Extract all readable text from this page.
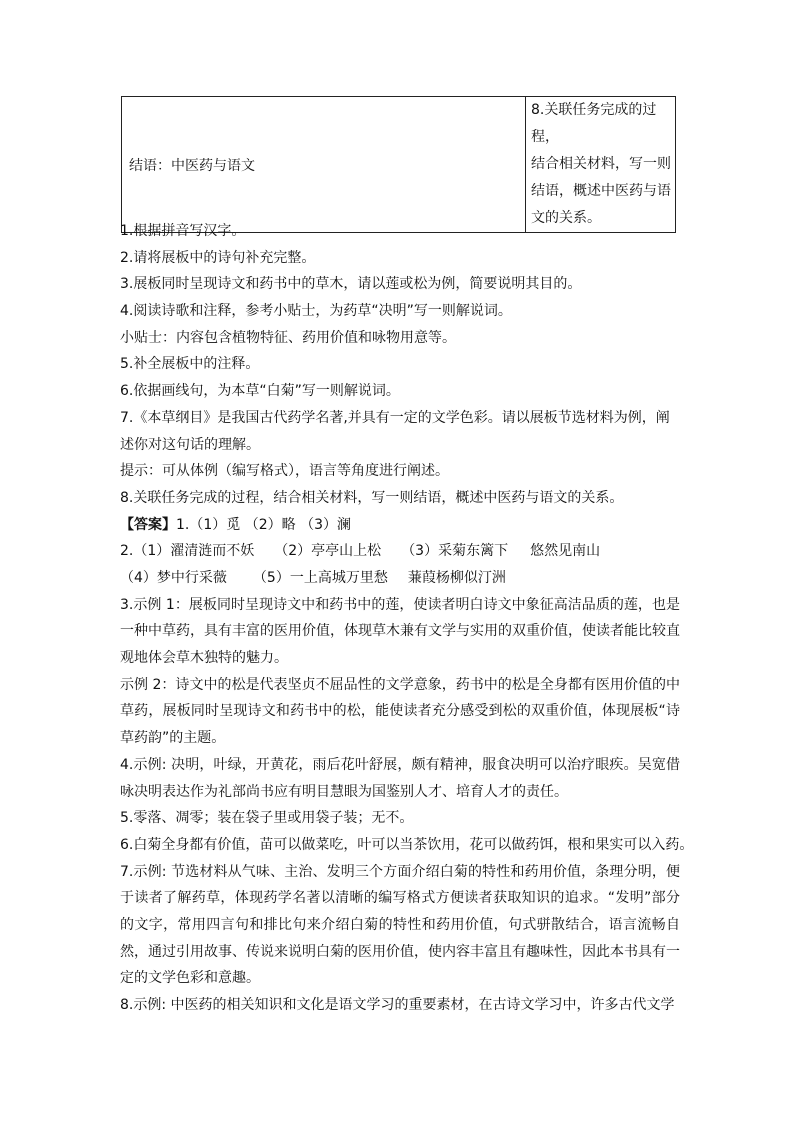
结语：中医药与语文	
8.关联任务完成的过程，
结合相关材料，写一则
结语，概述中医药与语
文的关系。
1.根据拼音写汉字。
2.请将展板中的诗句补充完整。
3.展板同时呈现诗文和药书中的草木，请以莲或松为例，简要说明其目的。
4.阅读诗歌和注释，参考小贴士，为药草“决明”写一则解说词。
小贴士：内容包含植物特征、药用价值和咏物用意等。
5.补全展板中的注释。
6.依据画线句，为本草“白菊”写一则解说词。
7.《本草纲目》是我国古代药学名著,并具有一定的文学色彩。请以展板节选材料为例，阐
述你对这句话的理解。
提示：可从体例（编写格式），语言等角度进行阐述。
8.关联任务完成的过程，结合相关材料，写一则结语，概述中医药与语文的关系。
【答案】1.（1）觅 （2）略 （3）澜
2.（1）濯清涟而不妖 （2）亭亭山上松 （3）采菊东篱下 悠然见南山
（4）梦中行采薇 （5）一上高城万里愁 蒹葭杨柳似汀洲
3.示例 1：展板同时呈现诗文中和药书中的莲，使读者明白诗文中象征高洁品质的莲，也是一种中草药，具有丰富的医用价值，体现草木兼有文学与实用的双重价值，使读者能比较直观地体会草木独特的魅力。
示例 2：诗文中的松是代表坚贞不屈品性的文学意象，药书中的松是全身都有医用价值的中草药，展板同时呈现诗文和药书中的松，能使读者充分感受到松的双重价值，体现展板“诗草药韵”的主题。
4.示例: 决明，叶绿，开黄花，雨后花叶舒展，颇有精神，服食决明可以治疗眼疾。吴宽借咏决明表达作为礼部尚书应有明目慧眼为国鉴别人才、培育人才的责任。
5.零落、凋零；装在袋子里或用袋子装；无不。
6.白菊全身都有价值，苗可以做菜吃，叶可以当茶饮用，花可以做药饵，根和果实可以入药。
7.示例: 节选材料从气味、主治、发明三个方面介绍白菊的特性和药用价值，条理分明，便于读者了解药草，体现药学名著以清晰的编写格式方便读者获取知识的追求。“发明”部分的文字，常用四言句和排比句来介绍白菊的特性和药用价值，句式骈散结合，语言流畅自然，通过引用故事、传说来说明白菊的医用价值，使内容丰富且有趣味性，因此本书具有一定的文学色彩和意趣。
8.示例: 中医药的相关知识和文化是语文学习的重要素材，在古诗文学习中，许多古代文学
